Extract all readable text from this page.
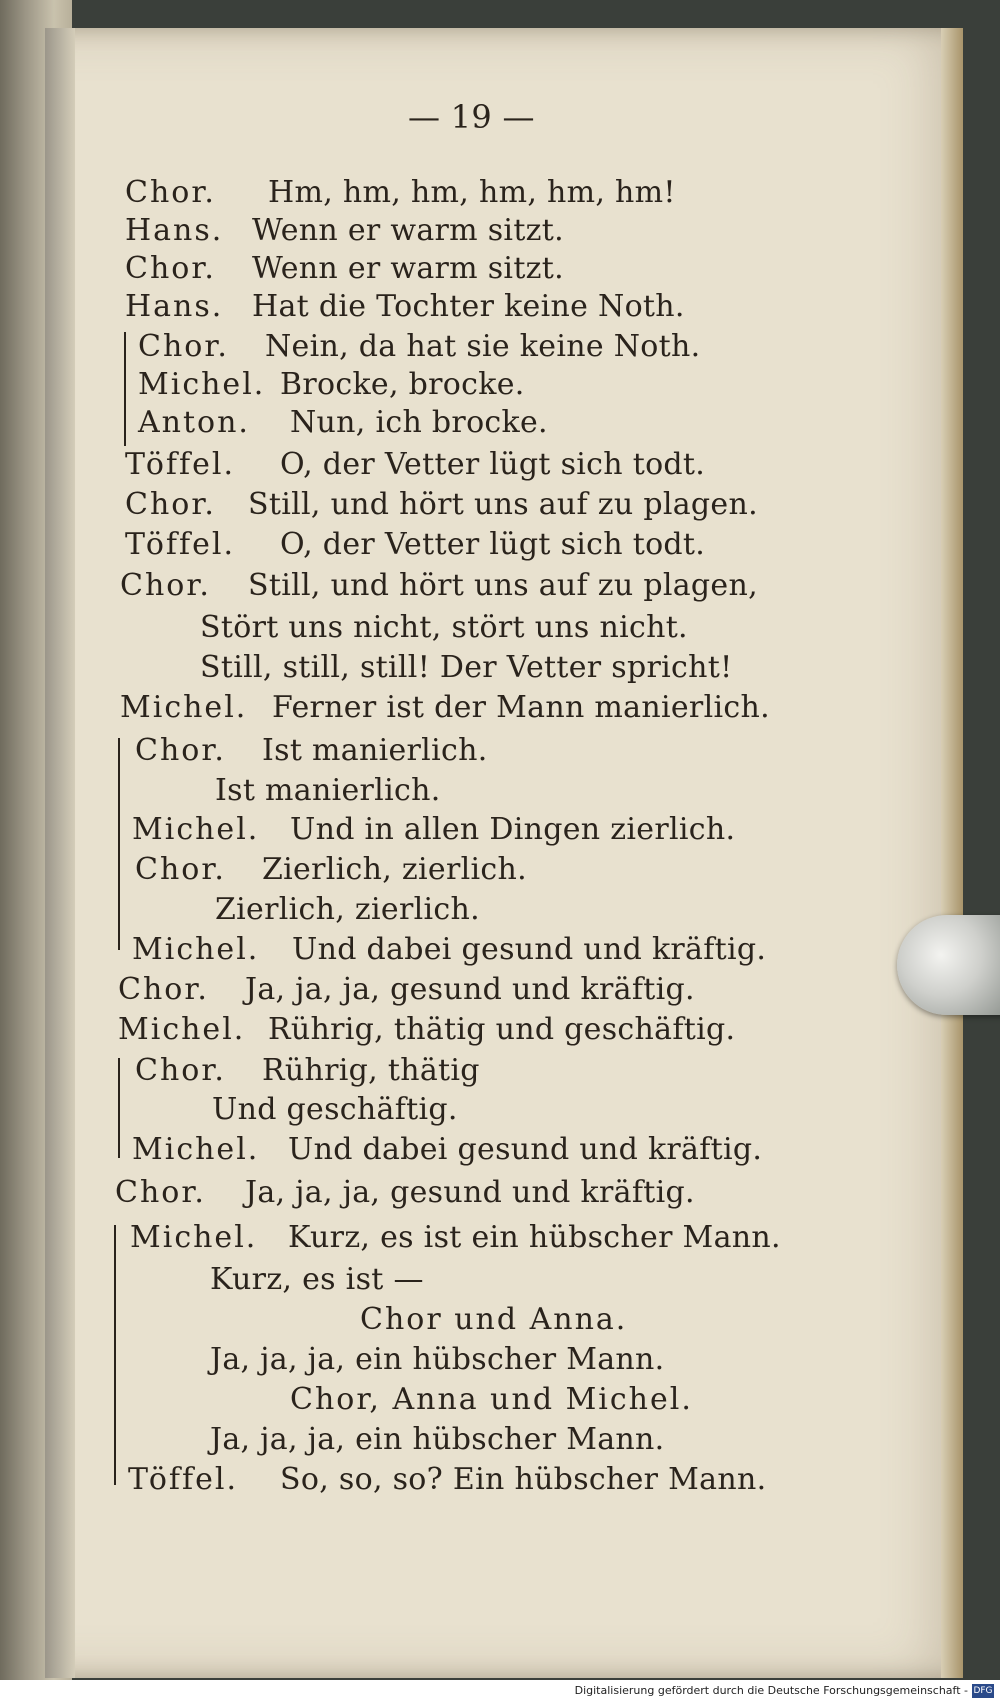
— 19 —
Chor. Hm, hm, hm, hm, hm, hm!
Hans. Wenn er warm sitzt.
Chor. Wenn er warm sitzt.
Hans. Hat die Tochter keine Noth.
Chor. Nein, da hat sie keine Noth.
Michel. Brocke, brocke.
Anton. Nun, ich brocke.
Töffel. O, der Vetter lügt sich todt.
Chor. Still, und hört uns auf zu plagen.
Töffel. O, der Vetter lügt sich todt.
Chor. Still, und hört uns auf zu plagen,
Stört uns nicht, stört uns nicht.
Still, still, still! Der Vetter spricht!
Michel. Ferner ist der Mann manierlich.
Chor. Ist manierlich.
Ist manierlich.
Michel. Und in allen Dingen zierlich.
Chor. Zierlich, zierlich.
Zierlich, zierlich.
Michel. Und dabei gesund und kräftig.
Chor. Ja, ja, ja, gesund und kräftig.
Michel. Rührig, thätig und geschäftig.
Chor. Rührig, thätig
Und geschäftig.
Michel. Und dabei gesund und kräftig.
Chor. Ja, ja, ja, gesund und kräftig.
Michel. Kurz, es ist ein hübscher Mann.
Kurz, es ist —
Chor und Anna.
Ja, ja, ja, ein hübscher Mann.
Chor, Anna und Michel.
Ja, ja, ja, ein hübscher Mann.
Töffel. So, so, so? Ein hübscher Mann.
Digitalisierung gefördert durch die Deutsche Forschungsgemeinschaft - DFG
